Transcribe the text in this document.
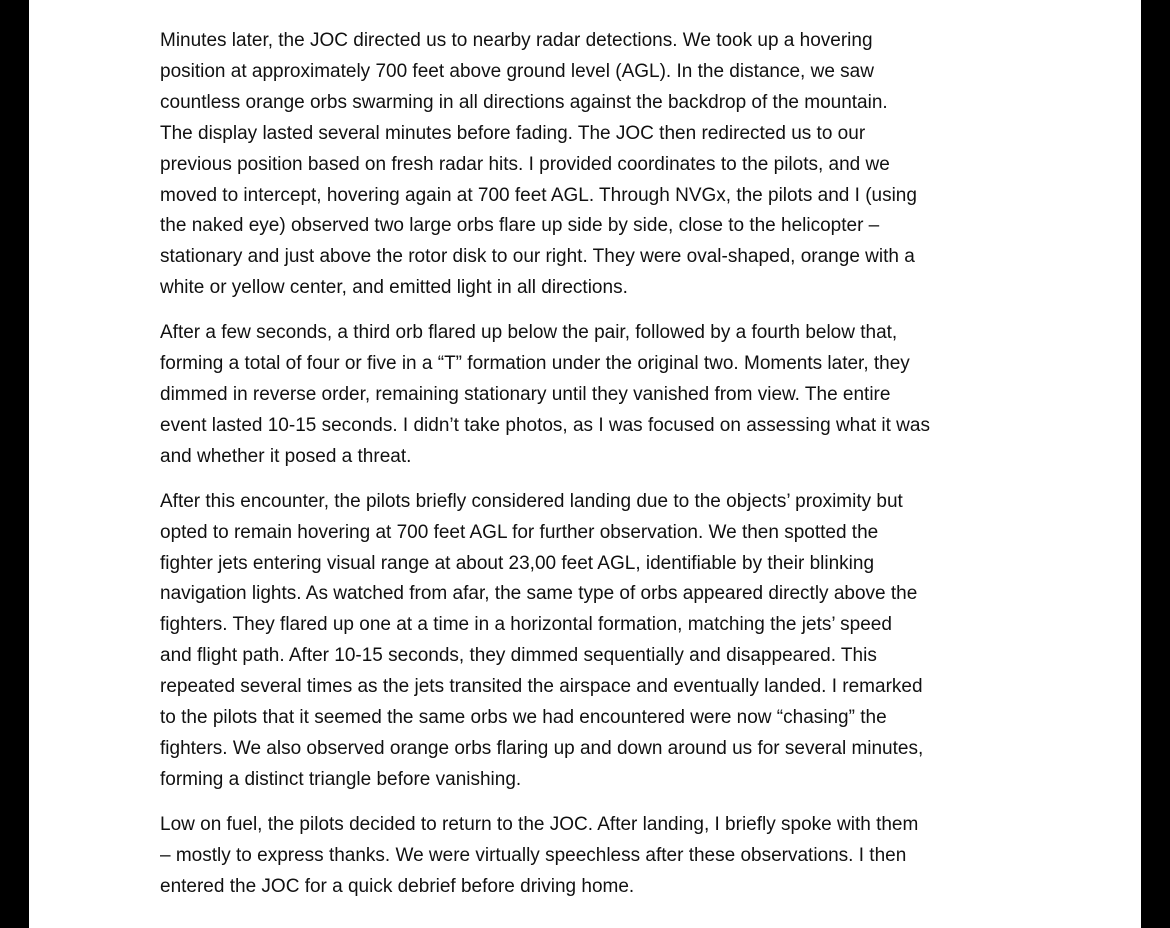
Minutes later, the JOC directed us to nearby radar detections. We took up a hovering
position at approximately 700 feet above ground level (AGL). In the distance, we saw
countless orange orbs swarming in all directions against the backdrop of the mountain.
The display lasted several minutes before fading. The JOC then redirected us to our
previous position based on fresh radar hits. I provided coordinates to the pilots, and we
moved to intercept, hovering again at 700 feet AGL. Through NVGx, the pilots and I (using
the naked eye) observed two large orbs flare up side by side, close to the helicopter –
stationary and just above the rotor disk to our right. They were oval-shaped, orange with a
white or yellow center, and emitted light in all directions.

After a few seconds, a third orb flared up below the pair, followed by a fourth below that,
forming a total of four or five in a “T” formation under the original two. Moments later, they
dimmed in reverse order, remaining stationary until they vanished from view. The entire
event lasted 10-15 seconds. I didn’t take photos, as I was focused on assessing what it was
and whether it posed a threat.

After this encounter, the pilots briefly considered landing due to the objects’ proximity but
opted to remain hovering at 700 feet AGL for further observation. We then spotted the
fighter jets entering visual range at about 23,00 feet AGL, identifiable by their blinking
navigation lights. As watched from afar, the same type of orbs appeared directly above the
fighters. They flared up one at a time in a horizontal formation, matching the jets’ speed
and flight path. After 10-15 seconds, they dimmed sequentially and disappeared. This
repeated several times as the jets transited the airspace and eventually landed. I remarked
to the pilots that it seemed the same orbs we had encountered were now “chasing” the
fighters. We also observed orange orbs flaring up and down around us for several minutes,
forming a distinct triangle before vanishing.

Low on fuel, the pilots decided to return to the JOC. After landing, I briefly spoke with them
– mostly to express thanks. We were virtually speechless after these observations. I then
entered the JOC for a quick debrief before driving home.
